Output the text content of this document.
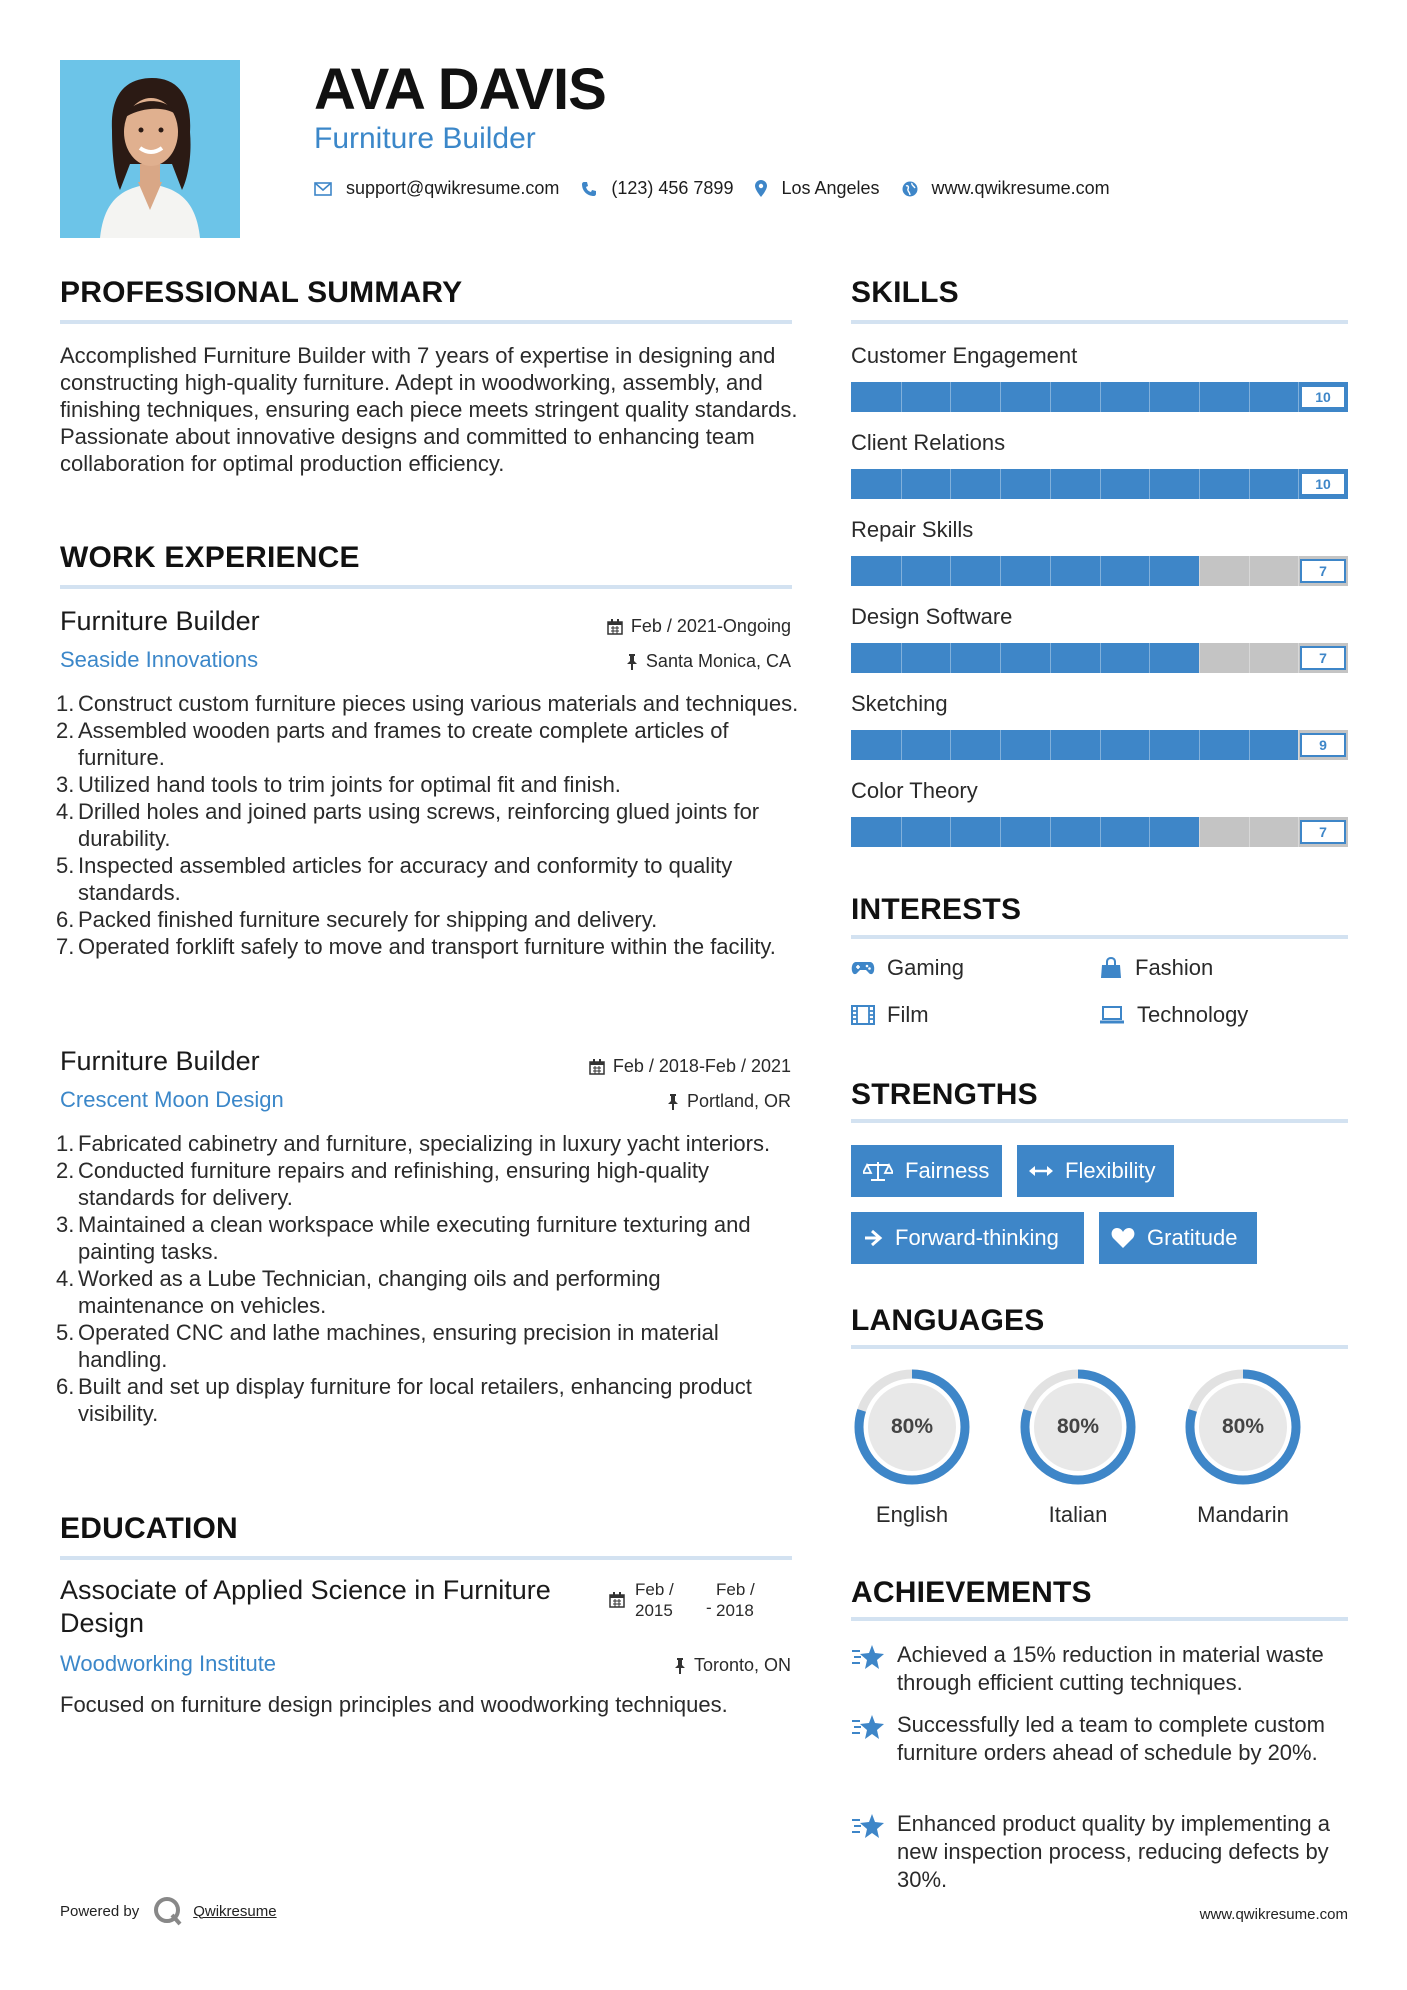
AVA DAVIS
Furniture Builder
support@qwikresume.com	(123) 456 7899	Los Angeles	www.qwikresume.com
PROFESSIONAL SUMMARY
Accomplished Furniture Builder with 7 years of expertise in designing and constructing high-quality furniture. Adept in woodworking, assembly, and finishing techniques, ensuring each piece meets stringent quality standards. Passionate about innovative designs and committed to enhancing team collaboration for optimal production efficiency.
WORK EXPERIENCE
Furniture Builder
Seaside Innovations
Feb / 2021-Ongoing
Santa Monica, CA
Construct custom furniture pieces using various materials and techniques.
Assembled wooden parts and frames to create complete articles of furniture.
Utilized hand tools to trim joints for optimal fit and finish.
Drilled holes and joined parts using screws, reinforcing glued joints for durability.
Inspected assembled articles for accuracy and conformity to quality standards.
Packed finished furniture securely for shipping and delivery.
Operated forklift safely to move and transport furniture within the facility.
Furniture Builder
Crescent Moon Design
Feb / 2018-Feb / 2021
Portland, OR
Fabricated cabinetry and furniture, specializing in luxury yacht interiors.
Conducted furniture repairs and refinishing, ensuring high-quality standards for delivery.
Maintained a clean workspace while executing furniture texturing and painting tasks.
Worked as a Lube Technician, changing oils and performing maintenance on vehicles.
Operated CNC and lathe machines, ensuring precision in material handling.
Built and set up display furniture for local retailers, enhancing product visibility.
EDUCATION
Associate of Applied Science in Furniture Design
Feb /
2015 -
Feb /
2018
Woodworking Institute	Toronto, ON
Focused on furniture design principles and woodworking techniques.
SKILLS
Customer Engagement
10
Client Relations
10
Repair Skills
7
Design Software
7
Sketching
9
Color Theory
7
INTERESTS
Gaming	Fashion
Film	Technology
STRENGTHS
Fairness	Flexibility
Forward-thinking	Gratitude
LANGUAGES
80%
English
80%
Italian
80%
Mandarin
ACHIEVEMENTS
Achieved a 15% reduction in material waste through efficient cutting techniques.
Successfully led a team to complete custom furniture orders ahead of schedule by 20%.
Enhanced product quality by implementing a new inspection process, reducing defects by 30%.
Powered by	Qwikresume	www.qwikresume.com
